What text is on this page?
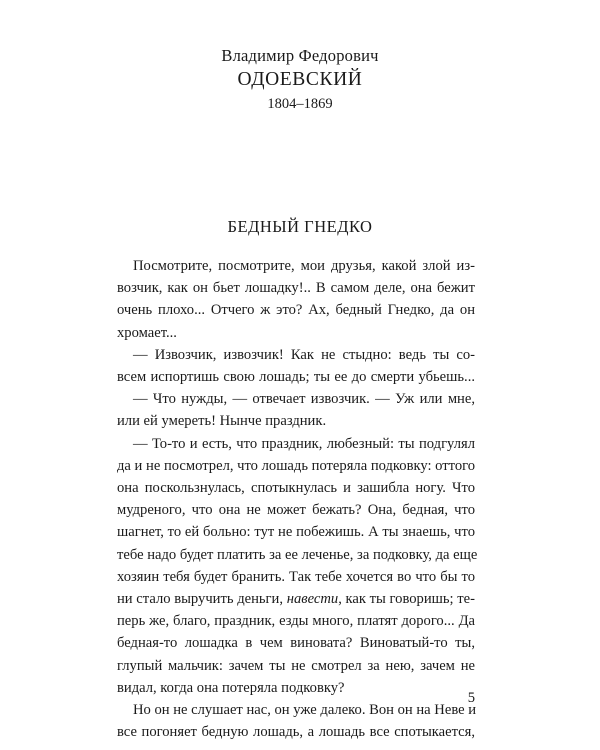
Владимир Федорович
ОДОЕВСКИЙ
1804–1869
БЕДНЫЙ ГНЕДКО
Посмотрите, посмотрите, мои друзья, какой злой из-
возчик, как он бьет лошадку!.. В самом деле, она бежит
очень плохо... Отчего ж это? Ах, бедный Гнедко, да он
хромает...
— Извозчик, извозчик! Как не стыдно: ведь ты со-
всем испортишь свою лошадь; ты ее до смерти убьешь...
— Что нужды, — отвечает извозчик. — Уж или мне,
или ей умереть! Нынче праздник.
— То-то и есть, что праздник, любезный: ты подгулял
да и не посмотрел, что лошадь потеряла подковку: оттого
она поскользнулась, спотыкнулась и зашибла ногу. Что
мудреного, что она не может бежать? Она, бедная, что
шагнет, то ей больно: тут не побежишь. А ты знаешь, что
тебе надо будет платить за ее леченье, за подковку, да еще
хозяин тебя будет бранить. Так тебе хочется во что бы то
ни стало выручить деньги, навести, как ты говоришь; те-
перь же, благо, праздник, езды много, платят дорого... Да
бедная-то лошадка в чем виновата? Виноватый-то ты,
глупый мальчик: зачем ты не смотрел за нею, зачем не
видал, когда она потеряла подковку?
Но он не слушает нас, он уже далеко. Вон он на Неве и
все погоняет бедную лошадь, а лошадь все спотыкается,
5
